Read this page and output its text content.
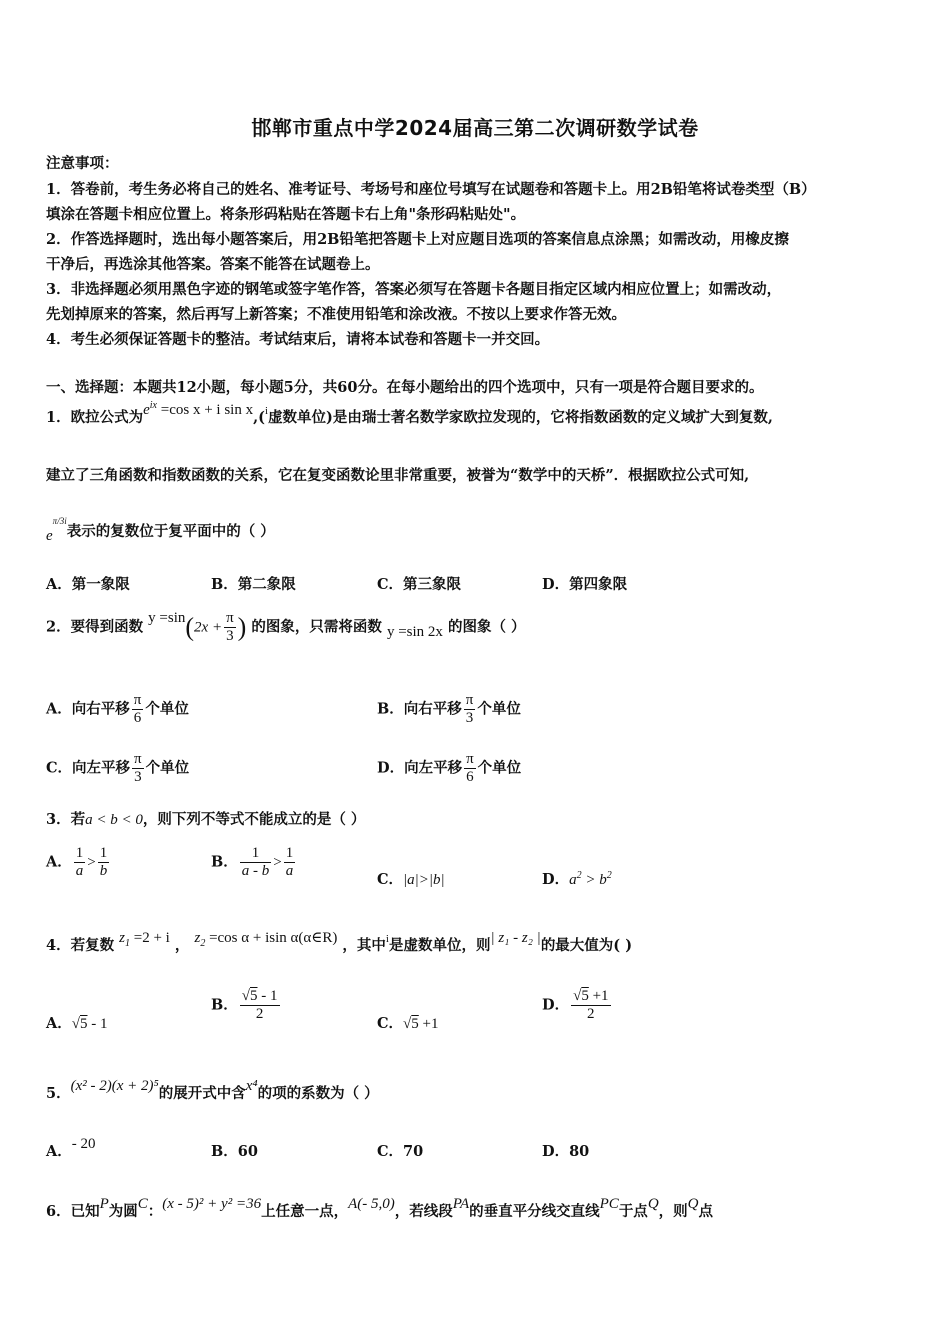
邯郸市重点中学2024届高三第二次调研数学试卷
注意事项：
1．答卷前，考生务必将自己的姓名、准考证号、考场号和座位号填写在试题卷和答题卡上。用2B铅笔将试卷类型（B）
填涂在答题卡相应位置上。将条形码粘贴在答题卡右上角"条形码粘贴处"。
2．作答选择题时，选出每小题答案后，用2B铅笔把答题卡上对应题目选项的答案信息点涂黑；如需改动，用橡皮擦
干净后，再选涂其他答案。答案不能答在试题卷上。
3．非选择题必须用黑色字迹的钢笔或签字笔作答，答案必须写在答题卡各题目指定区域内相应位置上；如需改动，
先划掉原来的答案，然后再写上新答案；不准使用铅笔和涂改液。不按以上要求作答无效。
4．考生必须保证答题卡的整洁。考试结束后，请将本试卷和答题卡一并交回。
一、选择题：本题共12小题，每小题5分，共60分。在每小题给出的四个选项中，只有一项是符合题目要求的。
1．欧拉公式为$e^{ix} =\cos$ x + i sin x,($^i$虚数单位)是由瑞士著名数学家欧拉发现的，它将指数函数的定义域扩大到复数,
建立了三角函数和指数函数的关系，它在复变函数论里非常重要，被誉为“数学中的天桥”．根据欧拉公式可知,
$e^{\pi/3i}$表示的复数位于复平面中的（ ）
A．第一象限	B．第二象限	C．第三象限	D．第四象限
2．要得到函数 $y =\sin(2x + \frac{\pi}{3}$ ) 的图象，只需将函数 y =sin 2x 的图象（ ）
A．向右平移 $\frac{\pi}{6}$ 个单位	B．向右平移 $\frac{\pi}{3}$ 个单位
C．向左平移 $\frac{\pi}{3}$ 个单位	D．向左平移 $\frac{\pi}{6}$ 个单位
3．若a < b < 0，则下列不等式不能成立的是（ ）
A． $\frac{1}{a} > \frac{1}{b}$	B． $\frac{1}{a - b} > \frac{1}{a}$	C．|a|>|b|	D．$a^2 > b^2$
4．若复数 $z_1 =2 + i$ ， $z_2 =\cos$ α + isin α(α∈R) ，其中$^i$是虚数单位，则| z₁ - z₂ |的最大值为( )
A．√5 - 1
B． $\frac{√5 - 1}{2}$
C．√5 +1
D． $\frac{√5 +1}{2}$
5．(x² - 2)(x + 2)⁵的展开式中含x⁴的项的系数为（ ）
A．- 20	B．60	C．70	D．80
6．已知P为圆C：(x - 5)² + y² =36上任意一点，A(- 5,0)，若线段PA的垂直平分线交直线PC于点Q，则Q点
